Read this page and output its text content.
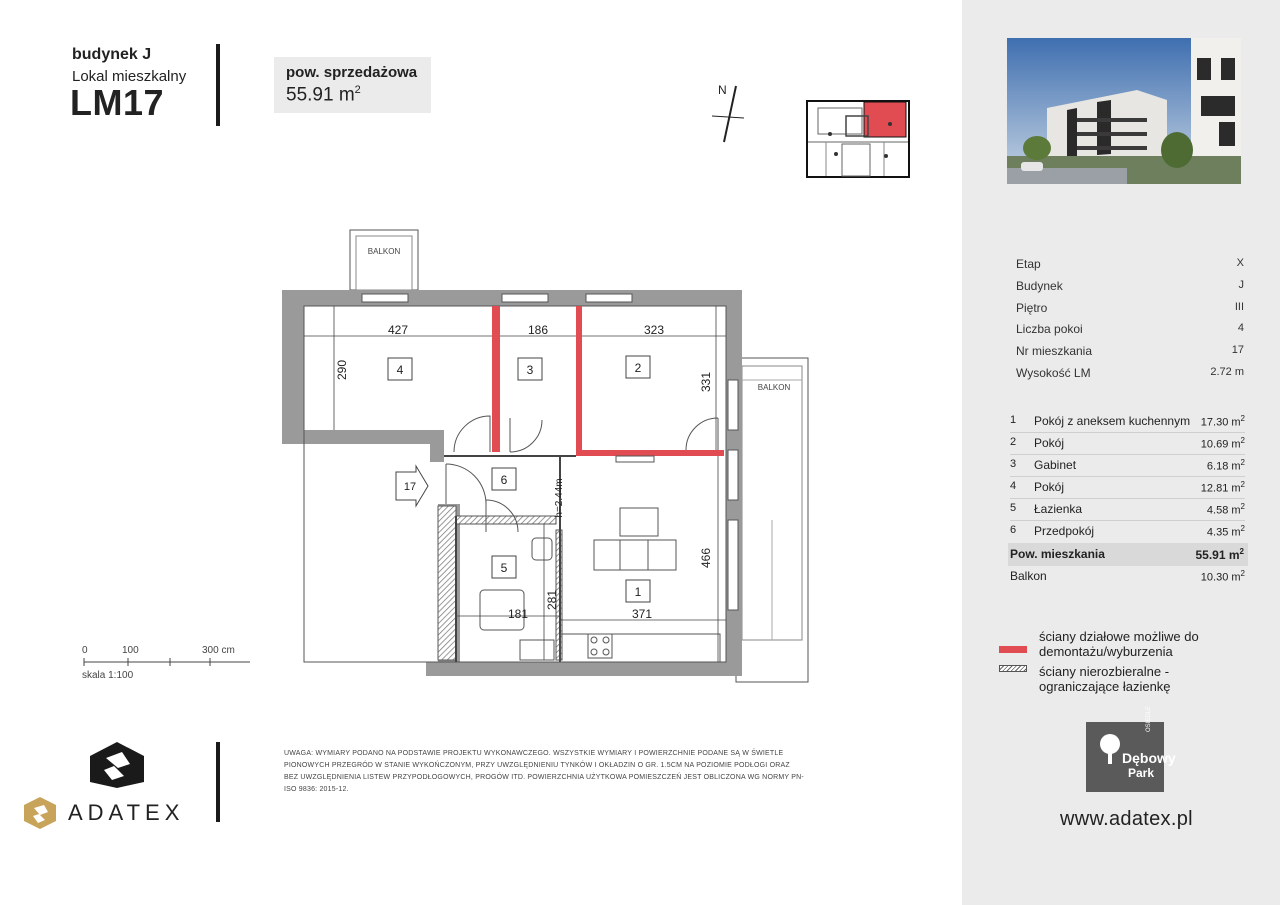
budynek J
Lokal mieszkalny
LM17
pow. sprzedażowa
55.91 $m^2$	N
BALKON
BALKON
427	186	323
290
331
466
281
181	371
h=2.44m
4	3	2
6
5
1
17
0	100	300 cm
skala 1:100
ADATEX
UWAGA: WYMIARY PODANO NA PODSTAWIE PROJEKTU WYKONAWCZEGO. WSZYSTKIE WYMIARY I POWIERZCHNIE PODANE SĄ W ŚWIETLE PIONOWYCH PRZEGRÓD W STANIE WYKOŃCZONYM, PRZY UWZGLĘDNIENIU TYNKÓW I OKŁADZIN O GR. 1.5CM NA POZIOMIE PODŁOGI ORAZ BEZ UWZGLĘDNIENIA LISTEW PRZYPODŁOGOWYCH, PROGÓW ITD. POWIERZCHNIA UŻYTKOWA POMIESZCZEŃ JEST OBLICZONA WG NORMY PN-ISO 9836: 2015-12.
Etap	X
Budynek	J
Piętro	III
Liczba pokoi	4
Nr mieszkania	17
Wysokość LM	2.72 m
1 Pokój z aneksem kuchennym 17.30 $m^2$
2 Pokój	10.69 $m^2$
3 Gabinet	6.18 $m^2$
4 Pokój	12.81 $m^2$
5 Łazienka	4.58 $m^2$
6 Przedpokój	4.35 $m^2$
Pow. mieszkania	55.91 $m^2$
Balkon	10.30 $m^2$
ściany działowe możliwe do demontażu/wyburzenia
ściany nierozbieralne - ograniczające łazienkę
OSIEDLE
Dębowy
Park
www.adatex.pl
